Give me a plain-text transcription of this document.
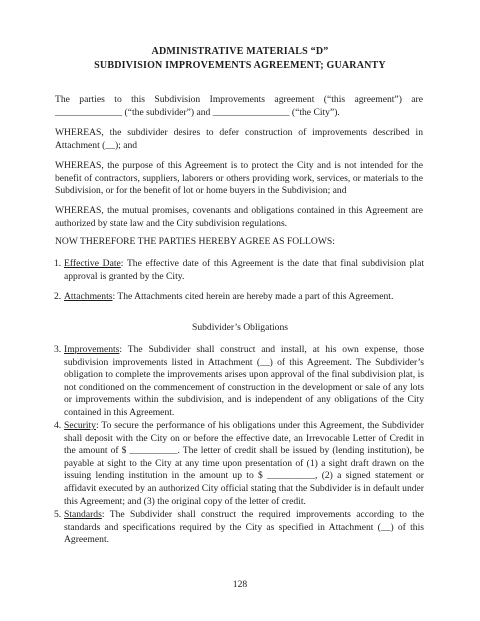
ADMINISTRATIVE MATERIALS “D”
SUBDIVISION IMPROVEMENTS AGREEMENT; GUARANTY
The parties to this Subdivision Improvements agreement (“this agreement”) are ______________ (“the subdivider”) and ________________ (“the City”).
WHEREAS, the subdivider desires to defer construction of improvements described in Attachment (__); and
WHEREAS, the purpose of this Agreement is to protect the City and is not intended for the benefit of contractors, suppliers, laborers or others providing work, services, or materials to the Subdivision, or for the benefit of lot or home buyers in the Subdivision; and
WHEREAS, the mutual promises, covenants and obligations contained in this Agreement are authorized by state law and the City subdivision regulations.
NOW THEREFORE THE PARTIES HEREBY AGREE AS FOLLOWS:
1. Effective Date: The effective date of this Agreement is the date that final subdivision plat approval is granted by the City.
2. Attachments: The Attachments cited herein are hereby made a part of this Agreement.
Subdivider’s Obligations
3. Improvements: The Subdivider shall construct and install, at his own expense, those subdivision improvements listed in Attachment (__) of this Agreement. The Subdivider’s obligation to complete the improvements arises upon approval of the final subdivision plat, is not conditioned on the commencement of construction in the development or sale of any lots or improvements within the subdivision, and is independent of any obligations of the City contained in this Agreement.
4. Security: To secure the performance of his obligations under this Agreement, the Subdivider shall deposit with the City on or before the effective date, an Irrevocable Letter of Credit in the amount of $ __________. The letter of credit shall be issued by (lending institution), be payable at sight to the City at any time upon presentation of (1) a sight draft drawn on the issuing lending institution in the amount up to $ __________, (2) a signed statement or affidavit executed by an authorized City official stating that the Subdivider is in default under this Agreement; and (3) the original copy of the letter of credit.
5. Standards: The Subdivider shall construct the required improvements according to the standards and specifications required by the City as specified in Attachment (__) of this Agreement.
128
